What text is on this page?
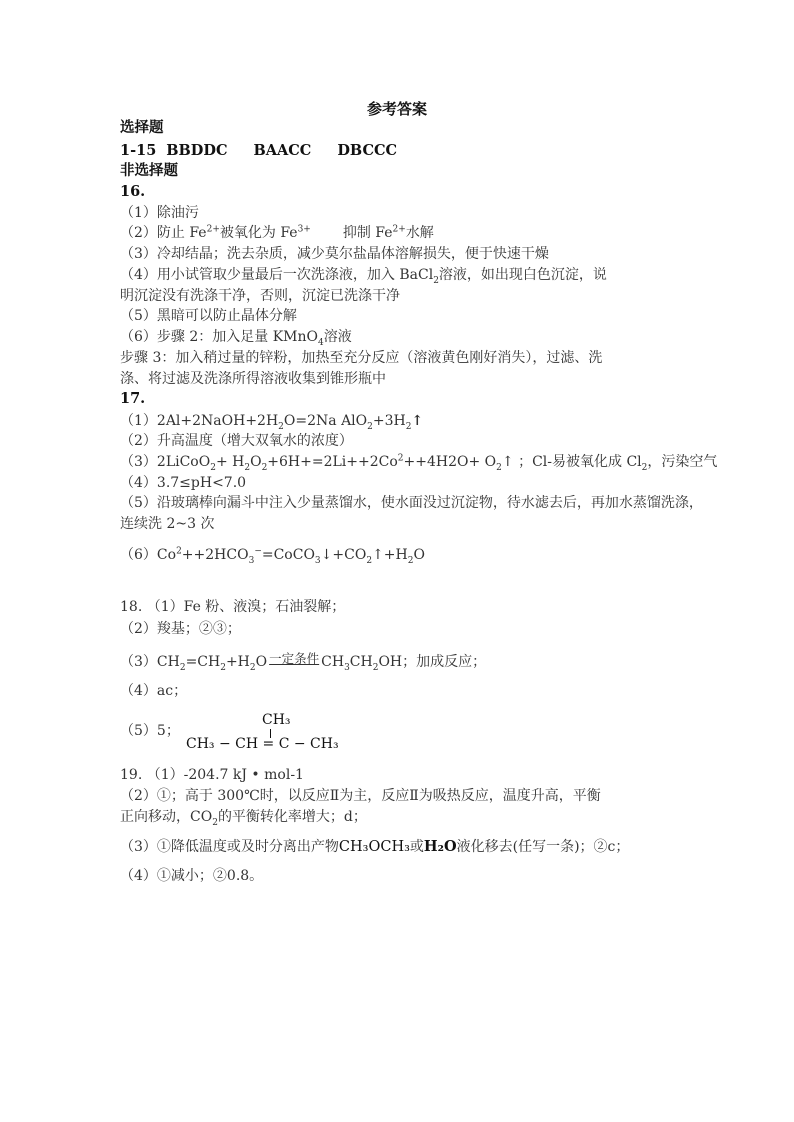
参考答案
选择题
1-15 BBDDC BAACC DBCCC
非选择题
16.
（1）除油污
（2）防止 $Fe^{2+}$被氧化为 $Fe^{3+}$ 抑制 $Fe^{2+}$水解
（3）冷却结晶；洗去杂质，减少莫尔盐晶体溶解损失，便于快速干燥
（4）用小试管取少量最后一次洗涤液，加入 BaCl$_2$溶液，如出现白色沉淀，说
明沉淀没有洗涤干净，否则，沉淀已洗涤干净
（5）黑暗可以防止晶体分解
（6）步骤 2：加入足量 KMnO$_4$溶液
步骤 3：加入稍过量的锌粉，加热至充分反应（溶液黄色刚好消失），过滤、洗
涤、将过滤及洗涤所得溶液收集到锥形瓶中
17.
$(1)2Al+2NaOH+2H_2O=2Na$ $AlO_2+3H_2↑$
（2）升高温度（增大双氧水的浓度）
（3）2LiCoO$_2$+ $H_2O_2+6H+=2Li++2Co^2++4H2O+$ $O_2↑$ ；Cl-易被氧化成 $Cl_2$，污染空气
（4）3.7≤pH<7.0
（5）沿玻璃棒向漏斗中注入少量蒸馏水，使水面没过沉淀物，待水滤去后，再加水蒸馏洗涤，
连续洗 2~3 次
$(6)Co^2++2HCO_3^-=CoCO_3↓+CO_2↑+H_2O$
18. （1）Fe 粉、液溴；石油裂解；
（2）羧基；②③；
$(3)CH_2=CH_2+H_2O$ 一定条件 $CH_3CH_2OH$；加成反应；
（4）ac；
（5）5；
CH₃
CH₃ − CH = C − CH₃
19. （1）-204.7 kJ • mol-1
（2）①；高于 300℃时，以反应Ⅱ为主，反应Ⅱ为吸热反应，温度升高，平衡
正向移动，$CO_2$的平衡转化率增大；d；
（3）①降低温度或及时分离出产物CH₃OCH₃或H₂O液化移去(任写一条)；②c；
（4）①减小；②0.8。
